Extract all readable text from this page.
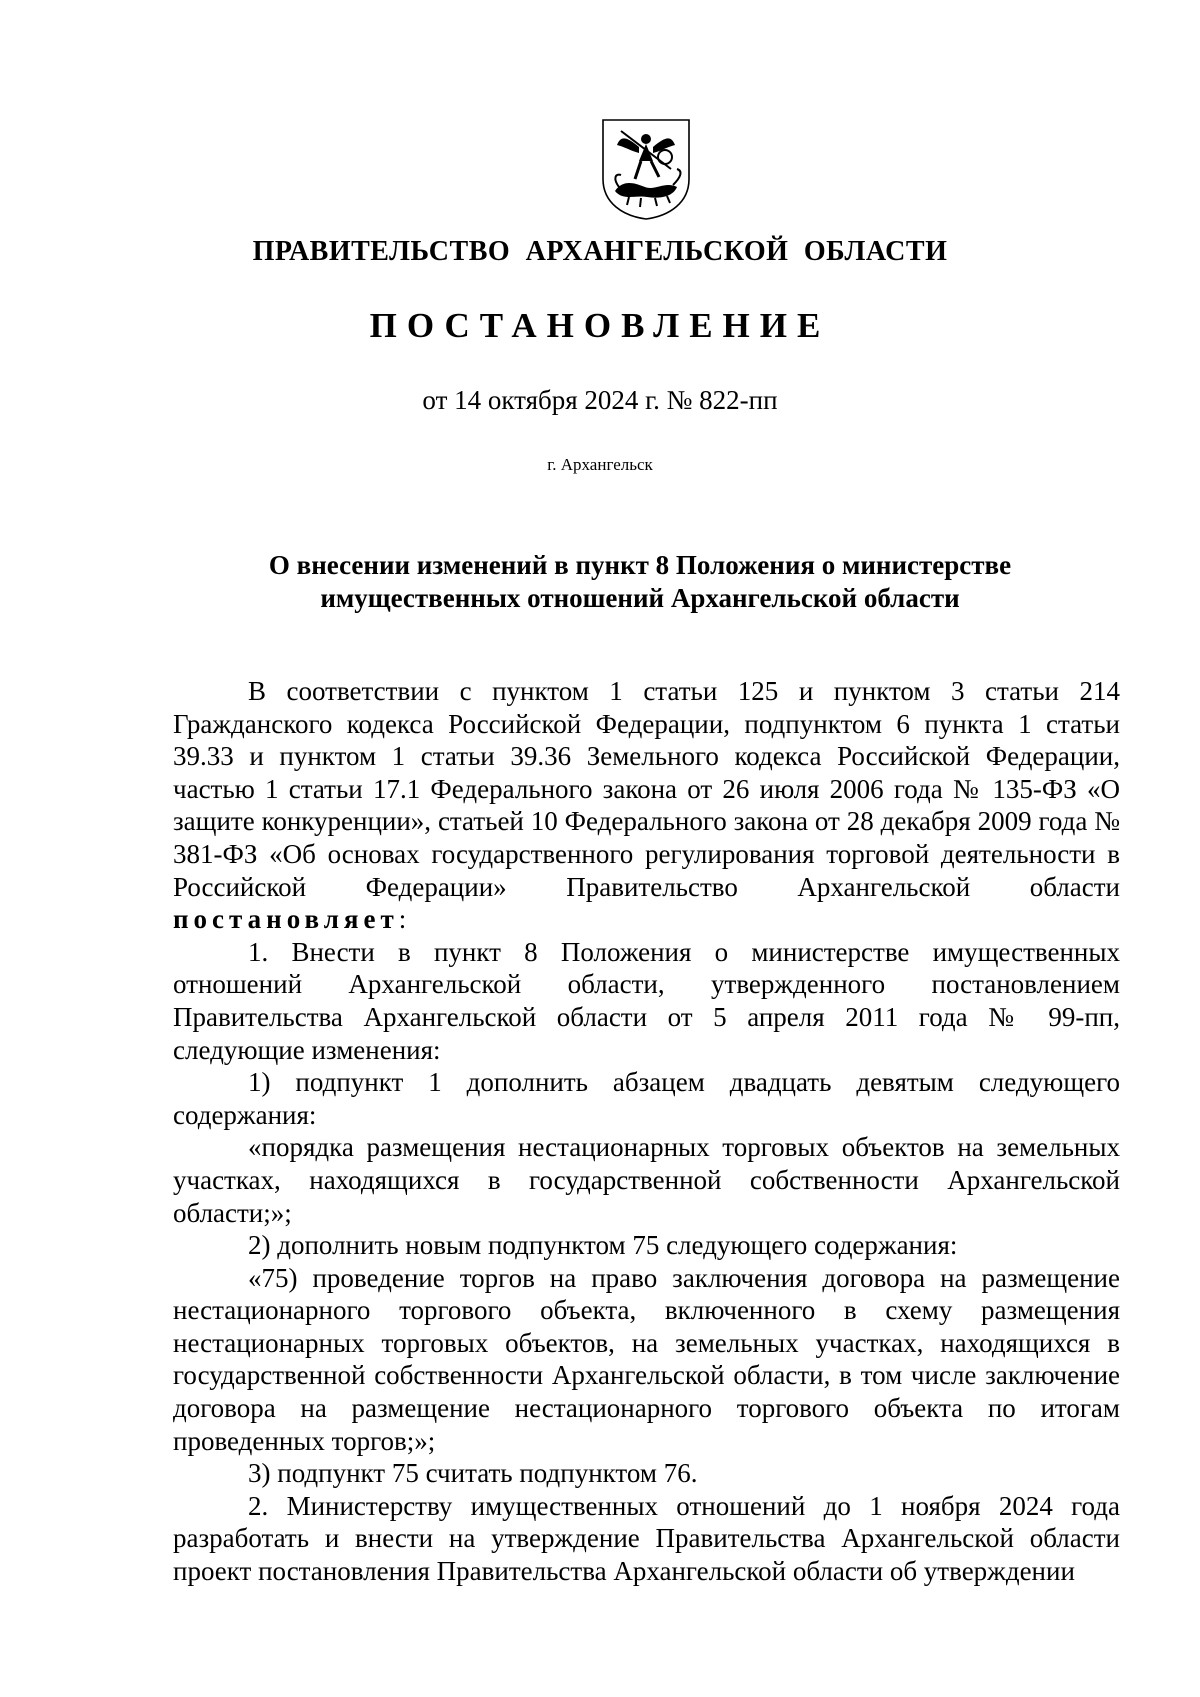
ПРАВИТЕЛЬСТВО АРХАНГЕЛЬСКОЙ ОБЛАСТИ
ПОСТАНОВЛЕНИЕ
от 14 октября 2024 г. № 822-пп
г. Архангельск
О внесении изменений в пункт 8 Положения о министерстве
имущественных отношений Архангельской области

В соответствии с пунктом 1 статьи 125 и пунктом 3 статьи 214 Гражданского кодекса Российской Федерации, подпунктом 6 пункта 1 статьи 39.33 и пунктом 1 статьи 39.36 Земельного кодекса Российской Федерации, частью 1 статьи 17.1 Федерального закона от 26 июля 2006 года № 135-ФЗ «О защите конкуренции», статьей 10 Федерального закона от 28 декабря 2009 года № 381-ФЗ «Об основах государственного регулирования торговой деятельности в Российской Федерации» Правительство Архангельской области постановляет:

1. Внести в пункт 8 Положения о министерстве имущественных отношений Архангельской области, утвержденного постановлением Правительства Архангельской области от 5 апреля 2011 года № 99-пп, следующие изменения:

1) подпункт 1 дополнить абзацем двадцать девятым следующего содержания:

«порядка размещения нестационарных торговых объектов на земельных участках, находящихся в государственной собственности Архангельской области;»;

2) дополнить новым подпунктом 75 следующего содержания:

«75) проведение торгов на право заключения договора на размещение нестационарного торгового объекта, включенного в схему размещения нестационарных торговых объектов, на земельных участках, находящихся в государственной собственности Архангельской области, в том числе заключение договора на размещение нестационарного торгового объекта по итогам проведенных торгов;»;

3) подпункт 75 считать подпунктом 76.

2. Министерству имущественных отношений до 1 ноября 2024 года разработать и внести на утверждение Правительства Архангельской области проект постановления Правительства Архангельской области об утверждении
